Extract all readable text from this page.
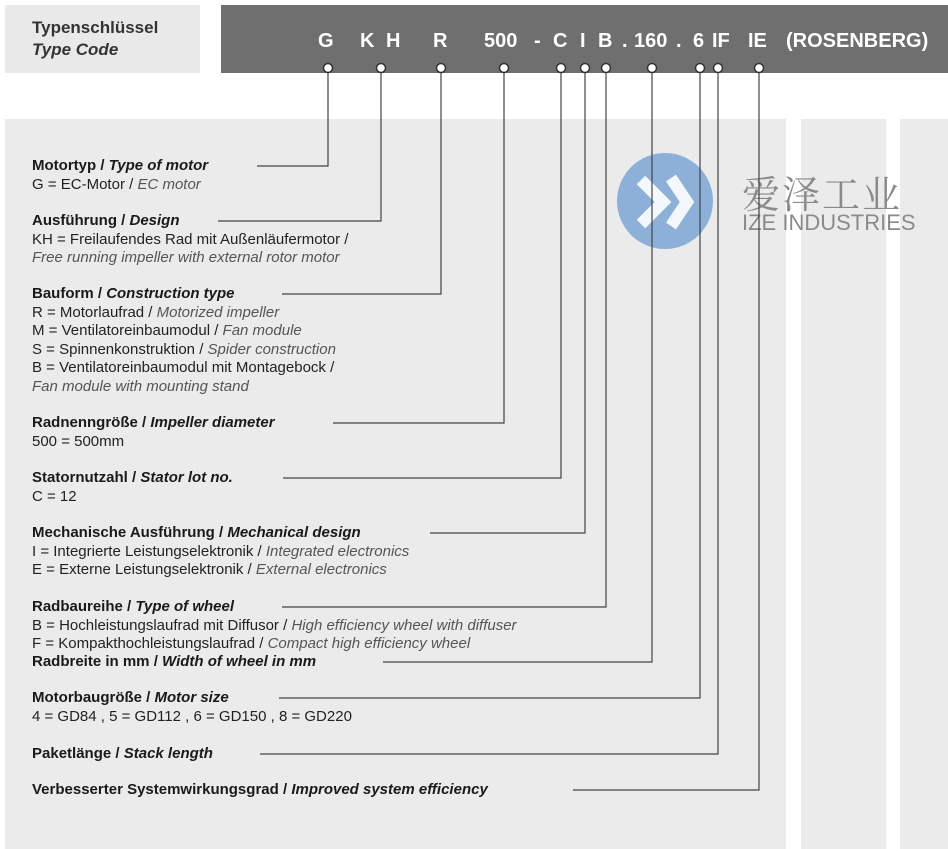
Typenschlüssel
Type Code	G K H R 500 - C I B . 160 . 6 IF IE (ROSENBERG)
爱泽工业
IZE INDUSTRIES
Motortyp / Type of motor
G = EC-Motor / EC motor
Ausführung / Design
KH = Freilaufendes Rad mit Außenläufermotor /
Free running impeller with external rotor motor
Bauform / Construction type
R = Motorlaufrad / Motorized impeller
M = Ventilatoreinbaumodul / Fan module
S = Spinnenkonstruktion / Spider construction
B = Ventilatoreinbaumodul mit Montagebock /
Fan module with mounting stand
Radnenngröße / Impeller diameter
500 = 500mm
Statornutzahl / Stator lot no.
C = 12
Mechanische Ausführung / Mechanical design
I = Integrierte Leistungselektronik / Integrated electronics
E = Externe Leistungselektronik / External electronics
Radbaureihe / Type of wheel
B = Hochleistungslaufrad mit Diffusor / High efficiency wheel with diffuser
F = Kompakthochleistungslaufrad / Compact high efficiency wheel
Radbreite in mm / Width of wheel in mm
Motorbaugröße / Motor size
4 = GD84 , 5 = GD112 , 6 = GD150 , 8 = GD220
Paketlänge / Stack length
Verbesserter Systemwirkungsgrad / Improved system efficiency
